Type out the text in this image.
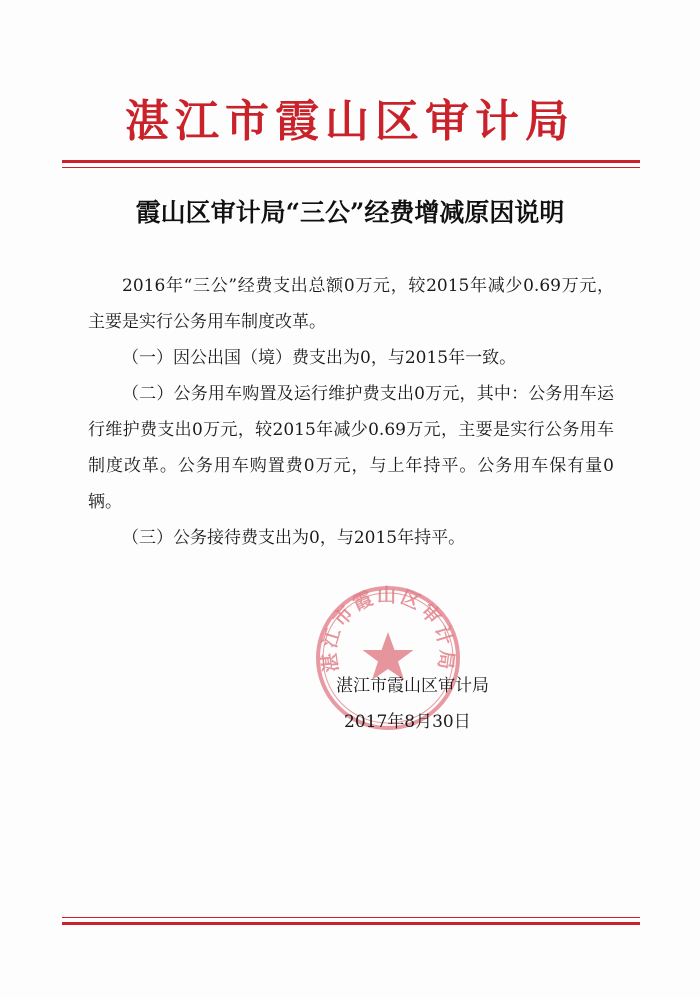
湛江市霞山区审计局
霞山区审计局“三公”经费增减原因说明

2016年“三公”经费支出总额0万元，较2015年减少0.69万元，主要是实行公务用车制度改革。

（一）因公出国（境）费支出为0，与2015年一致。

（二）公务用车购置及运行维护费支出0万元，其中：公务用车运行维护费支出0万元，较2015年减少0.69万元，主要是实行公务用车制度改革。公务用车购置费0万元，与上年持平。公务用车保有量0辆。

（三）公务接待费支出为0，与2015年持平。

湛江市霞山区审计局
湛江市霞山区审计局
2017年8月30日
